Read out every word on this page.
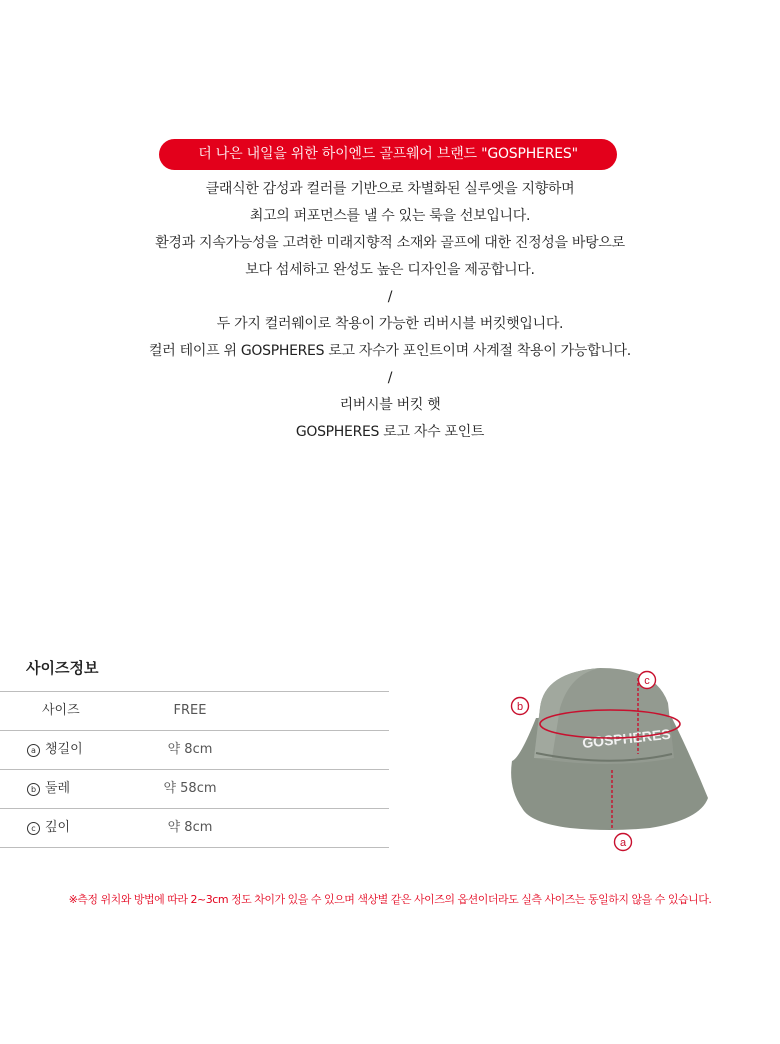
더 나은 내일을 위한 하이엔드 골프웨어 브랜드 "GOSPHERES"
클래식한 감성과 컬러를 기반으로 차별화된 실루엣을 지향하며
최고의 퍼포먼스를 낼 수 있는 룩을 선보입니다.
환경과 지속가능성을 고려한 미래지향적 소재와 골프에 대한 진정성을 바탕으로
보다 섬세하고 완성도 높은 디자인을 제공합니다.
/
두 가지 컬러웨이로 착용이 가능한 리버시블 버킷햇입니다.
컬러 테이프 위 GOSPHERES 로고 자수가 포인트이며 사계절 착용이 가능합니다.
/
리버시블 버킷 햇
GOSPHERES 로고 자수 포인트
사이즈정보
사이즈	FREE
a 챙길이	약 8cm
b 둘레	약 58cm
c 깊이	약 8cm
GOSPHERES
b
c
a
※측정 위치와 방법에 따라 2~3cm 정도 차이가 있을 수 있으며 색상별 같은 사이즈의 옵션이더라도 실측 사이즈는 동일하지 않을 수 있습니다.
